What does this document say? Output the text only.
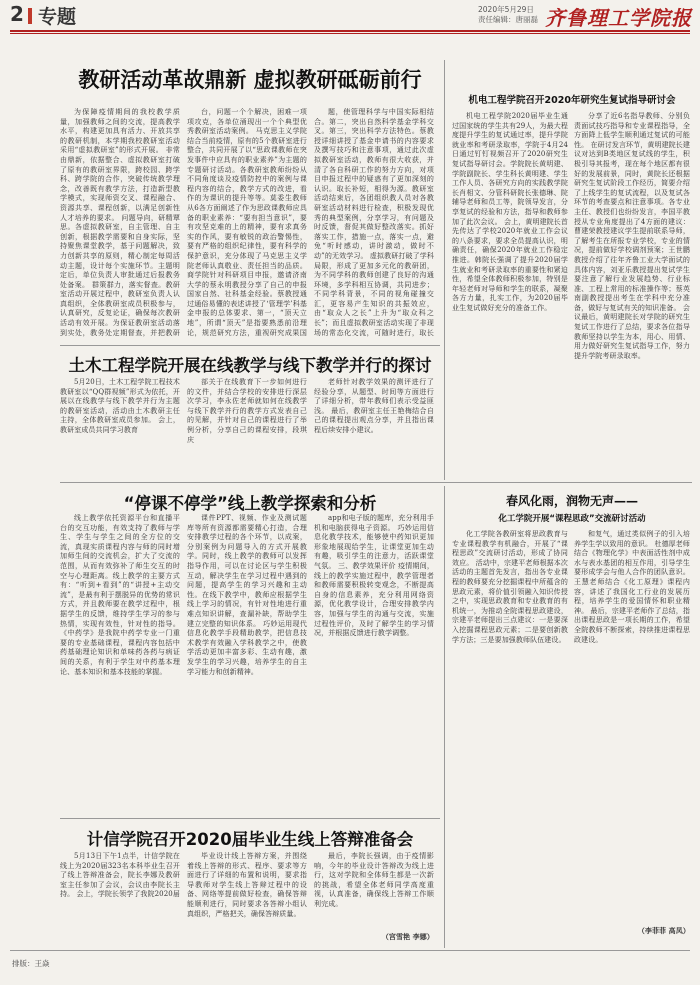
2 专题	2020年5月29日
责任编辑：唐丽磊 齐鲁理工学院报
教研活动革故鼎新 虚拟教研砥砺前行

为保障疫情期间的我校教学质量，加强教师之间的交流，提高教学水平，构建更加具有活力、开放共享的教研机制，本学期我校教研室活动采用“虚拟教研室”的形式开展。 非常由鼎新，依据整合、虚拟教研室打破了原有的教研室界限，跨校园、跨学科、跨学院的合作，突破传统教学理念，改善既有教学方法，打造新型教学模式，实现师资交叉、课程融合、资源共享、课程创新，以满足创新性人才培养的要求。 问题导向，研精覃思。各虚拟教研室，自主管理、自主创新，根据教学需要和自身实际，坚持聚焦课堂教学，基于问题解决，致力创新共享的原则，精心制定每周活动主题，设计每个实施环节。主题明定后，单位负责人审批通过后报教务处备案。 群策群力，落实督查。教研室活动开展过程中，教研室负责人认真组织，全体教研室成员积极参与，认真研究，反复论证，确保每次教研活动有效开展。为保证教研室活动落到实处，教务处定期督查，并把教研

台，问题一个个解决，困难一项项攻克，各单位涌现出一个个典型优秀教研室活动案例。 马克思主义学院结合当前疫情，原有的5个教研室进行整合，共同开展了以“思政课教师在突发事件中应具有的职业素养”为主题的专题研讨活动。各教研室教师纷纷从不同角度谈及疫情防控中的案例与课程内容的结合，教学方式的改进，看作的为课识的提升等等。莫委生教师从6各方面阐述了作为思政课教师应具备的职业素养：“要有担当意识”，要有攻坚克难的上的精神，要有求真务实的作风，要有敏锐的政治警惕性，要有严格的组织纪律性，要有科学的保护意识，充分体现了马克思主义学院老师认真敬业、责任担当的品质。 商学院针对科研项目申报，邀请济南大学的蔡永明教授分享了自己的申报国家自然、社科基金经验。蔡教授通过通俗易懂的表述讲授了‘管理学’科基金申报的总体要求、第一，“顶天立地”，所谓“顶天”是指要熟悉前沿理论，规范研究方法，重视研究成果国

题，使管理科学与中国实际相结合。第二，突出自然科学基金学科交叉。第三，突出科学方法特色。蔡教授详细讲授了基金申请书的内容要求及撰写技巧和注意事项，通过此次虚拟教研室活动，教师有很大收获，并清了各自科研工作的努力方向，对项目申报过程中的疑惑有了更加深刻的认识。取长补短，相得为源。教研室活动结束后，各团组织教人员对各教研室活动材料进行检查，积极发现优秀的典型案例，分享学习，有问题及时反馈，督促其做好整改落实。抓好落实工作，措施一点，落实一点，避免“听时感动，讲时激动，做时不动”的无效学习。 虚拟教研打破了学科局限，形成了更加多元化的教研团，为不同学科的教师创建了良好的沟通环境，多学科相互协调，共同进步；不同学科背景，不同的视角碰撞交汇，更容易产生知识的共振效应，由“取众人之长”上升为“取众科之长”；而且虚拟教研室活动实现了非现场的常态化交流，可随时进行，取长

机电工程学院召开2020年研究生复试指导研讨会

机电工程学院2020届毕业生通过国家统的学生共有29人，为最大程度提升学生的复试通过率，提升学院就业率和考研录取率，学院于4月24日通过钉钉视频召开了2020研究生复试指导研讨会。学院院长黄明建、学院副院长、学生科长黄明建、学生工作人员、各研究方向的实践教学院长肖相文、分管科研院长张德琳、院辅导老师和员工等，院领导发言，分享复试的经验和方法，指导和教师参加了此次会议。 会上，黄明建院长首先传达了学校2020年就业工作会议的八条要求，要求全员提高认识，明确责任，确保2020年就业工作稳定推进。韩院长强调了提升2020届学生就业和考研录取率的重要性和紧迫性，希望全体教师积极参加，特别是年轻老师对导师和学生的联系，凝聚各方力量，扎实工作，为2020届毕业生复试做好充分的准备工作。

分享了近6名指导教师、分别负责面试技巧指导和专业课程指导，全方面降上低学生顺利通过复试的可能性。 在研讨发言环节，黄明建院长建议对达到B类地区复试线的学生，积极引导其报考，现在每个地区都有很好的发展前景，同时，黄院长还根据研究生复试阶段工作经历，简要介绍了上线学生的复试流程，以及复试各环节的考查要点和注意事项。各专业主任、教授们也纷纷发言，李国平教授从专业角度提出了4方面的建议：曹建荣教授建议学生提前联系导师，了解考生在所报专业学校，专业的情况，提前做好学校调剂预案；王世鹏教授介绍了往年齐鲁工业大学面试的具体内容，刘亚乐教授提出复试学生要注意了解行业发展趋势、行业标准、工程上常用的标准操作等；蔡英南副教授提出考生在学科中充分准备，做好与复试有关的知识准备。 会议最后，黄明建院长对学院的研究生复试工作进行了总结，要求各位指导教师坚持以学生为本，用心、用情、用力做好研究生复试指导工作，努力提升学院考研录取率。

土木工程学院开展在线教学与线下教学并行的探讨

5月20日，土木工程学院工程技术教研室以“QQ群视频”形式为依托，开展以在线教学与线下教学并行为主题的教研室活动，活动由土木教研主任主持，全体教研室成员参加。 会上，教研室成员共同学习教育

部关于在线教育下一步如何进行的文件，并结合学校的安排进行深层次学习，李永佐老师就如何在线教学与线下教学并行的教学方式发表自己的见解，并针对自己的课程进行了举例分析，分享自己的课程安排，段琪庆

老师针对教学效果的测评进行了经验分享，从题型、时间等方面进行了详细分析，带年教师们表示受益匪浅。 最后，教研室主任王艳梅结合自己的课程提出观点分享，并且指出课程后续安排小建议。

“停课不停学”线上教学探索和分析

线上教学依托资源平台和直播平台的交互功能，有效支持了教师与学生、学生与学生之间的全方位的交流，真现实质课程内容与师的同时增加师生间的交流机会，扩大了交流的范围，从而有效弥补了师生交互的时空与心理距离。线上教学的主要方式有：“听到+看到”的“讲授+主动交流”，是最有利于摆脱异的优势的常识方式，并且教师要在教学过程中，根据学生的反馈，维持学生学习的参与热情，实现有效性，针对性的指导。 《中药学》是我院中药学专业一门重要的专业基础课程，课程内容包括中药基础理论知识和单味药各药与病证间的关系，有利于学生对中药基本理论、基本知识和基本技能的掌握。

课件PPT、视频、作业及测试题库等所有资源都需要精心打造，合理安排教学过程的各个环节，以成案，分别案例为问题导入的方式开展教学。同时，线上教学的教师可以发挥指导作用，可以在讨论区与学生积极互动，解决学生在学习过程中遇到的问题，提高学生的学习兴趣和主动性。在线下教学中，教师应根据学生线上学习的情况，有针对性地进行重难点知识讲解，查漏补缺，帮助学生建立完整的知识体系。 巧妙运用现代信息化教学手段精助教学，把信息技术教学有效融入学科教学之中，使教学活动更加丰富多彩、生动有趣，激发学生的学习兴趣，培养学生的自主学习能力和创新精神。

app和电子版的题库，充分利用手机和电脑获得电子资源。 巧妙运用信息化教学技术，能够使中药知识更加形象地展现给学生，让课堂更加生动有趣，吸引学生的注意力，活跃课堂气氛。 三、教学效果评价 疫情期间，线上的教学实施过程中，教学管理者和教师需要积极转变观念，不断提高自身的信息素养，充分利用网络资源，优化教学设计，合理安排教学内容，加强与学生的沟通与交流，实施过程性评价，及时了解学生的学习情况，并根据反馈进行教学调整。

春风化雨，润物无声——
化工学院开展“课程思政”交流研讨活动

化工学院各教研室将思政教育与专业课程教学有机融合，开展了“课程思政”交流研讨活动，形成了协同效应。 活动中，宗建平老师根据本次活动的主题首先发言，指出各专业课程的教师要充分挖掘课程中所蕴含的思政元素，将价值引领融入知识传授之中，实现思政教育和专业教育的有机统一，为推动全院课程思政建设，宗建平老师提出三点建议：一是要深入挖掘课程思政元素；二是要创新教学方法；三是要加强教师队伍建设。

和复气，通过类似例子的引入培养学生学以致用的意识。 杜德厚老师结合《物理化学》中表面活性剂中成水与表水基团的相互作用，引导学生要形成学会与他人合作的团队意识。 王慧老师结合《化工原理》课程内容，讲述了我国化工行业的发展历程，培养学生的爱国情怀和职业精神。 最后，宗建平老师作了总结，指出课程思政是一项长期的工作，希望全院教师不断探索，持续推进课程思政建设。

（李菲菲 高凤）
计信学院召开2020届毕业生线上答辩准备会

5月13日下午1点半，计信学院在线上为2020届323名本科毕业生召开了线上答辩准备会，院长李娜及教研室主任参加了会议，会议由李院长主持。 会上，学院长领学了我院2020届

毕业设计线上答辩方案，并围绕着线上答辩的形式、程序、要求等方面进行了详细的布置和说明，要求指导教师对学生线上答辩过程中的设备、网络等提前做好检查，确保答辩能顺利进行，同时要求各答辩小组认真组织，严格把关，确保答辩质量。

最后，李院长强调，由于疫情影响，今年的毕业设计答辩改为线上进行，这对学院和全体师生都是一次新的挑战，希望全体老师同学高度重视，认真准备，确保线上答辩工作顺利完成。

（宫雪艳 李娜）
排版：王焱
